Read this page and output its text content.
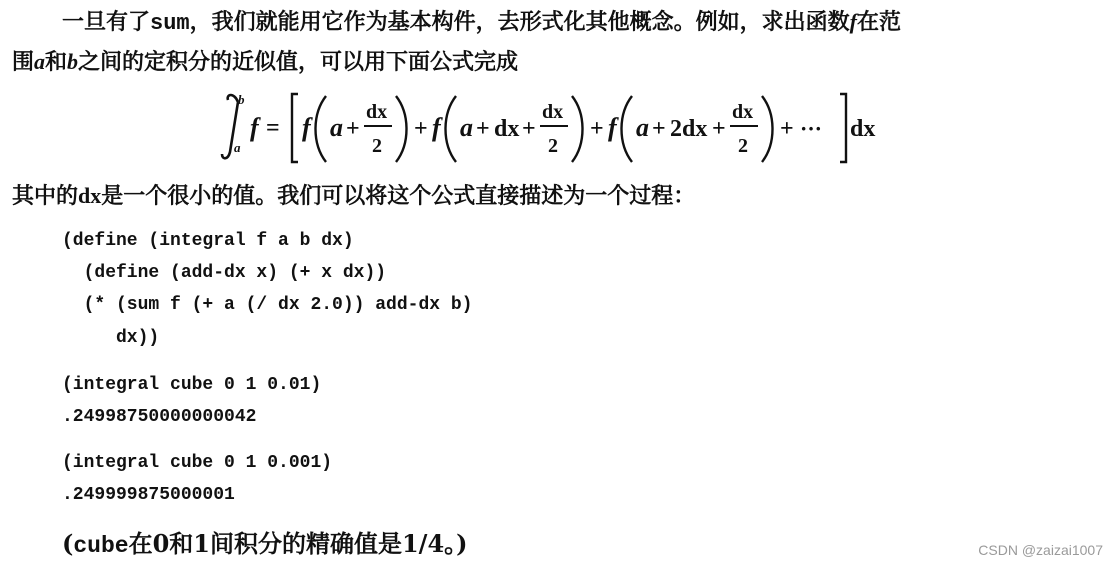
一旦有了sum，我们就能用它作为基本构件，去形式化其他概念。例如，求出函数f在范
围a和b之间的定积分的近似值，可以用下面公式完成
b
a
f = f a +
dx
2
+ f a + dx +
dx
2
+ f a + 2dx +
dx
2
+ ··· dx
其中的dx是一个很小的值。我们可以将这个公式直接描述为一个过程：
(define (integral f a b dx)
(define (add-dx x) (+ x dx))
(* (sum f (+ a (/ dx 2.0)) add-dx b)
dx))
(integral cube 0 1 0.01)
.24998750000000042
(integral cube 0 1 0.001)
.249999875000001
(cube在0和1间积分的精确值是1/4。)	CSDN @zaizai1007
